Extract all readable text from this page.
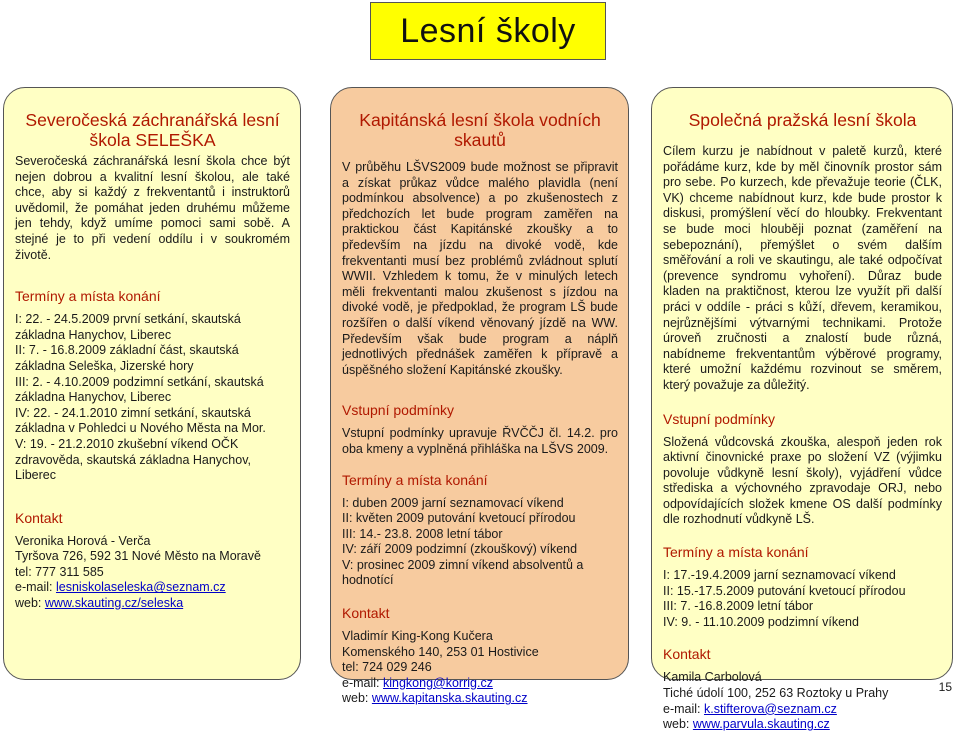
Lesní školy
Severočeská záchranářská lesní škola SELEŠKA

Severočeská záchranářská lesní škola chce být nejen dobrou a kvalitní lesní školou, ale také chce, aby si každý z frekventantů i instruktorů uvědomil, že pomáhat jeden druhému můžeme jen tehdy, když umíme pomoci sami sobě. A stejné je to při vedení oddílu i v soukromém životě.

Termíny a místa konání

I: 22. - 24.5.2009 první setkání, skautská základna Hanychov, Liberec

II: 7. - 16.8.2009 základní část, skautská základna Seleška, Jizerské hory

III: 2. - 4.10.2009 podzimní setkání, skautská základna Hanychov, Liberec

IV: 22. - 24.1.2010 zimní setkání, skautská základna v Pohledci u Nového Města na Mor.

V: 19. - 21.2.2010 zkušební víkend OČK zdravověda, skautská základna Hanychov, Liberec

Kontakt

Veronika Horová - Verča

Tyršova 726, 592 31 Nové Město na Moravě

tel: 777 311 585

e-mail: lesniskolaseleska@seznam.cz

web: www.skauting.cz/seleska

Kapitánská lesní škola vodních skautů

V průběhu LŠVS2009 bude možnost se připravit a získat průkaz vůdce malého plavidla (není podmínkou absolvence) a po zkušenostech z předchozích let bude program zaměřen na praktickou část Kapitánské zkoušky a to především na jízdu na divoké vodě, kde frekventanti musí bez problémů zvládnout splutí WWII. Vzhledem k tomu, že v minulých letech měli frekventanti malou zkušenost s jízdou na divoké vodě, je předpoklad, že program LŠ bude rozšířen o další víkend věnovaný jízdě na WW. Především však bude program a náplň jednotlivých přednášek zaměřen k přípravě a úspěšného složení Kapitánské zkoušky.

Vstupní podmínky

Vstupní podmínky upravuje ŘVČČJ čl. 14.2. pro oba kmeny a vyplněná přihláška na LŠVS 2009.

Termíny a místa konání

I: duben 2009 jarní seznamovací víkend

II: květen 2009 putování kvetoucí přírodou

III: 14.- 23.8. 2008 letní tábor

IV: září 2009 podzimní (zkouškový) víkend

V: prosinec 2009 zimní víkend absolventů a hodnotící

Kontakt

Vladimír King-Kong Kučera

Komenského 140, 253 01 Hostivice

tel: 724 029 246

e-mail: kingkong@korrig.cz

web: www.kapitanska.skauting.cz

Společná pražská lesní škola

Cílem kurzu je nabídnout v paletě kurzů, které pořádáme kurz, kde by měl činovník prostor sám pro sebe. Po kurzech, kde převažuje teorie (ČLK, VK) chceme nabídnout kurz, kde bude prostor k diskusi, promýšlení věcí do hloubky. Frekventant se bude moci hlouběji poznat (zaměření na sebepoznání), přemýšlet o svém dalším směřování a roli ve skautingu, ale také odpočívat (prevence syndromu vyhoření). Důraz bude kladen na praktičnost, kterou lze využít při další práci v oddíle - práci s kůží, dřevem, keramikou, nejrůznějšími výtvarnými technikami. Protože úroveň zručnosti a znalostí bude různá, nabídneme frekventantům výběrové programy, které umožní každému rozvinout se směrem, který považuje za důležitý.

Vstupní podmínky

Složená vůdcovská zkouška, alespoň jeden rok aktivní činovnické praxe po složení VZ (výjimku povoluje vůdkyně lesní školy), vyjádření vůdce střediska a výchovného zpravodaje ORJ, nebo odpovídajících složek kmene OS další podmínky dle rozhodnutí vůdkyně LŠ.

Termíny a místa konání

I: 17.-19.4.2009 jarní seznamovací víkend

II: 15.-17.5.2009 putování kvetoucí přírodou

III: 7. -16.8.2009 letní tábor

IV: 9. - 11.10.2009 podzimní víkend

Kontakt

Kamila Carbolová

Tiché údolí 100, 252 63 Roztoky u Prahy

e-mail: k.stifterova@seznam.cz

web: www.parvula.skauting.cz

15
